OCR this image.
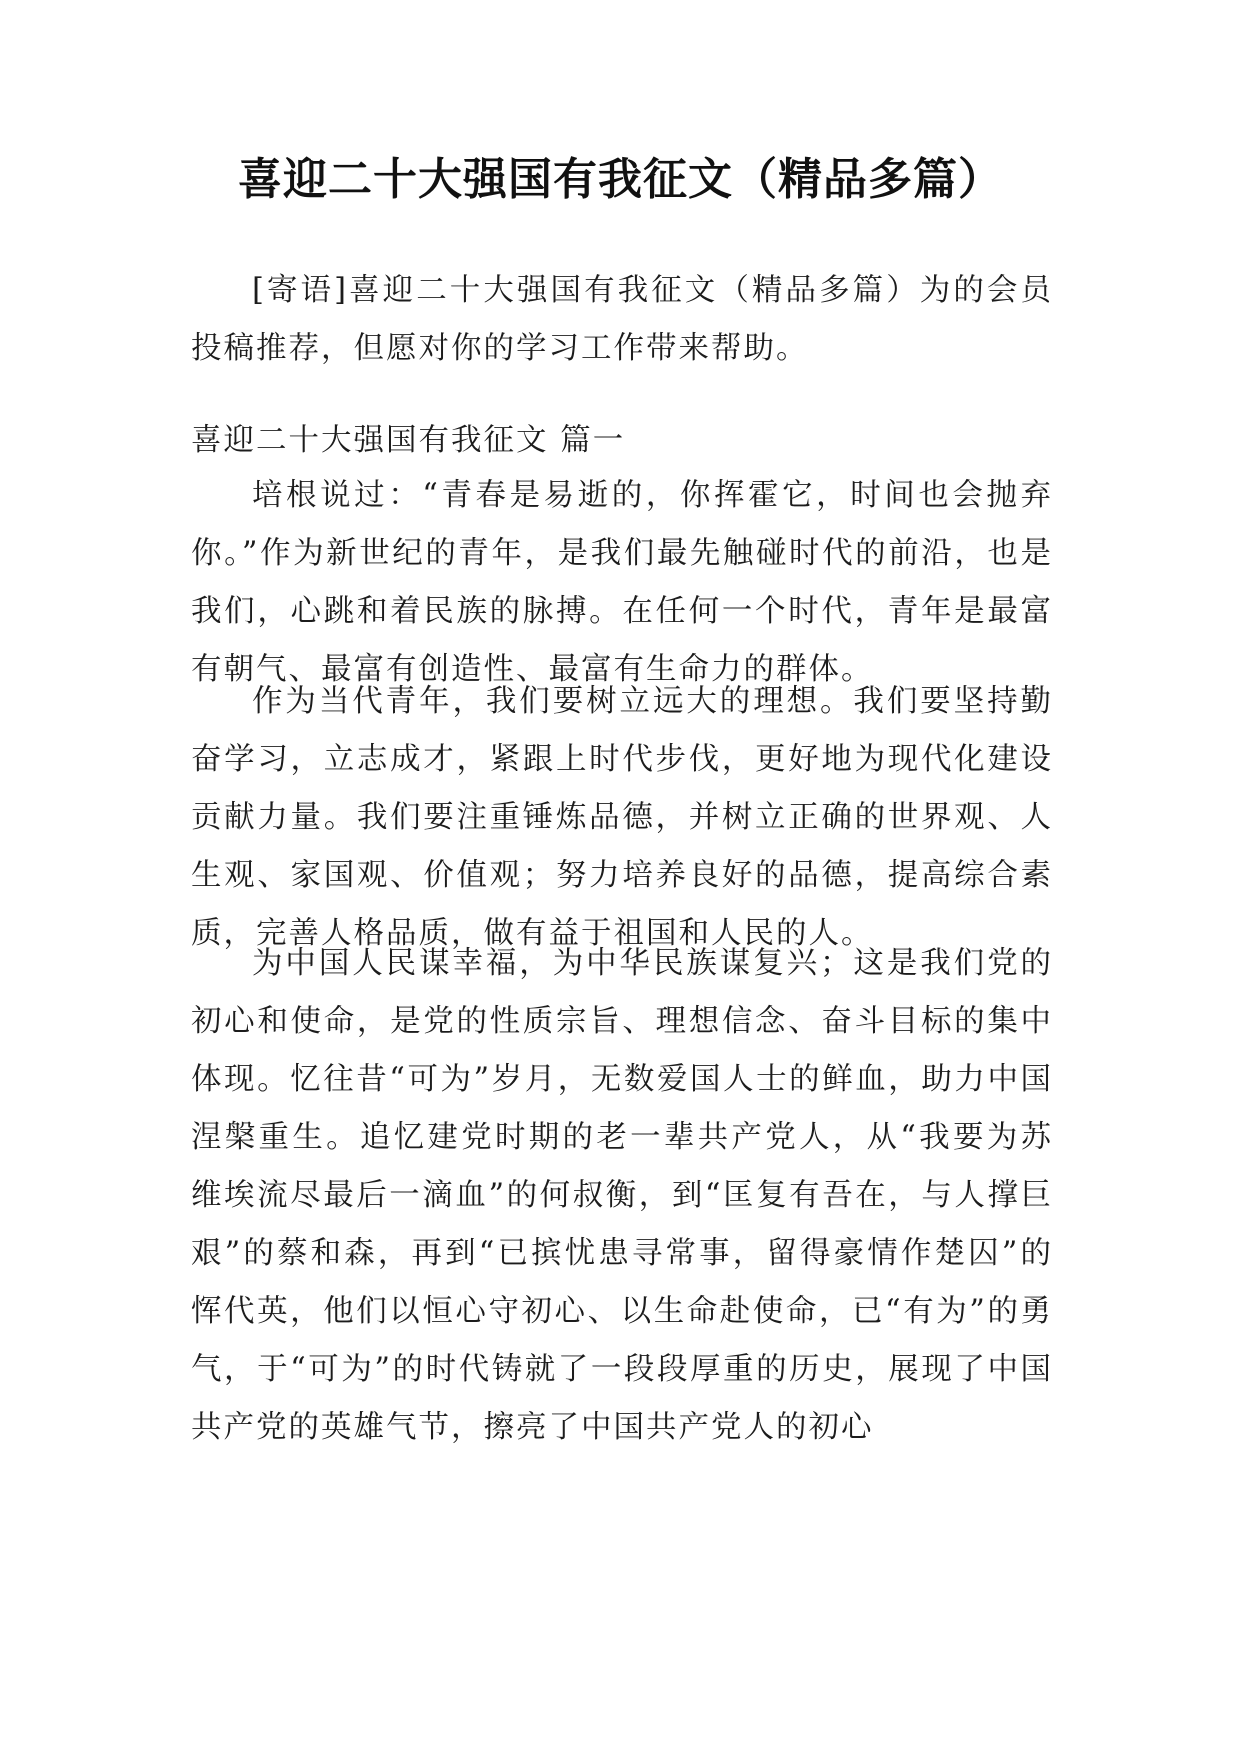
喜迎二十大强国有我征文（精品多篇）

[寄语]喜迎二十大强国有我征文（精品多篇）为的会员投稿推荐，但愿对你的学习工作带来帮助。

喜迎二十大强国有我征文 篇一

培根说过：“青春是易逝的，你挥霍它，时间也会抛弃你。”作为新世纪的青年，是我们最先触碰时代的前沿，也是我们，心跳和着民族的脉搏。在任何一个时代，青年是最富有朝气、最富有创造性、最富有生命力的群体。

作为当代青年，我们要树立远大的理想。我们要坚持勤奋学习，立志成才，紧跟上时代步伐，更好地为现代化建设贡献力量。我们要注重锤炼品德，并树立正确的世界观、人生观、家国观、价值观；努力培养良好的品德，提高综合素质，完善人格品质，做有益于祖国和人民的人。

为中国人民谋幸福，为中华民族谋复兴；这是我们党的初心和使命，是党的性质宗旨、理想信念、奋斗目标的集中体现。忆往昔“可为”岁月，无数爱国人士的鲜血，助力中国涅槃重生。追忆建党时期的老一辈共产党人，从“我要为苏维埃流尽最后一滴血”的何叔衡，到“匡复有吾在，与人撑巨艰”的蔡和森，再到“已摈忧患寻常事，留得豪情作楚囚”的恽代英，他们以恒心守初心、以生命赴使命，已“有为”的勇气，于“可为”的时代铸就了一段段厚重的历史，展现了中国共产党的英雄气节，擦亮了中国共产党人的初心
